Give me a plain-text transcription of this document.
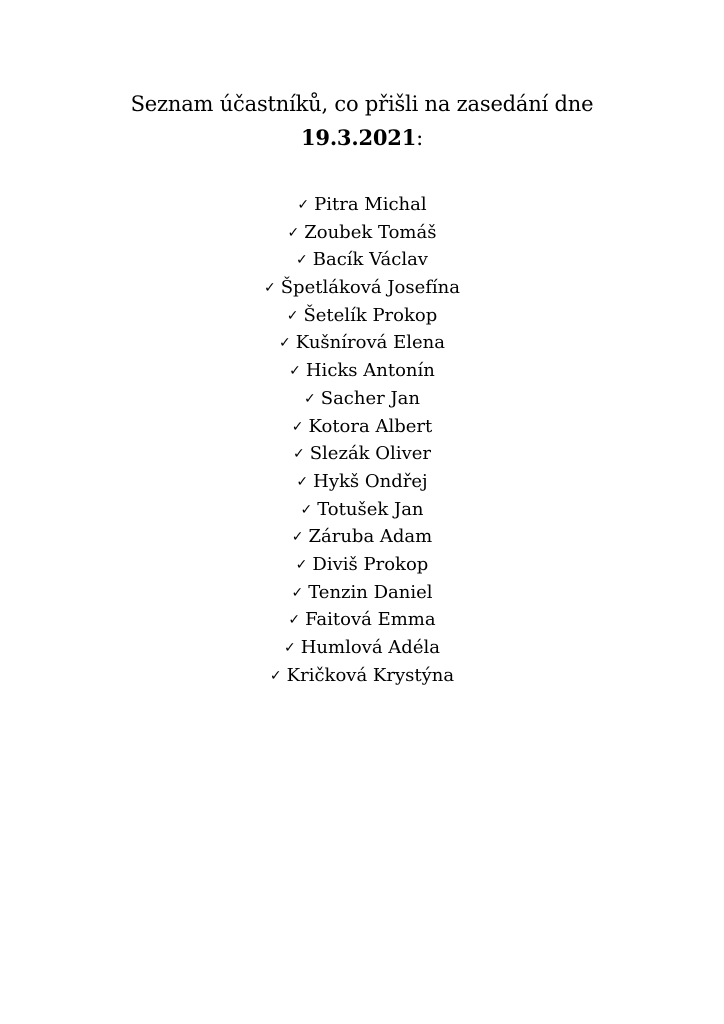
Seznam účastníků, co přišli na zasedání dne
19.3.2021:
✓ Pitra Michal
✓ Zoubek Tomáš
✓ Bacík Václav
✓ Špetláková Josefína
✓ Šetelík Prokop
✓ Kušnírová Elena
✓ Hicks Antonín
✓ Sacher Jan
✓ Kotora Albert
✓ Slezák Oliver
✓ Hykš Ondřej
✓ Totušek Jan
✓ Záruba Adam
✓ Diviš Prokop
✓ Tenzin Daniel
✓ Faitová Emma
✓ Humlová Adéla
✓ Kričková Krystýna
